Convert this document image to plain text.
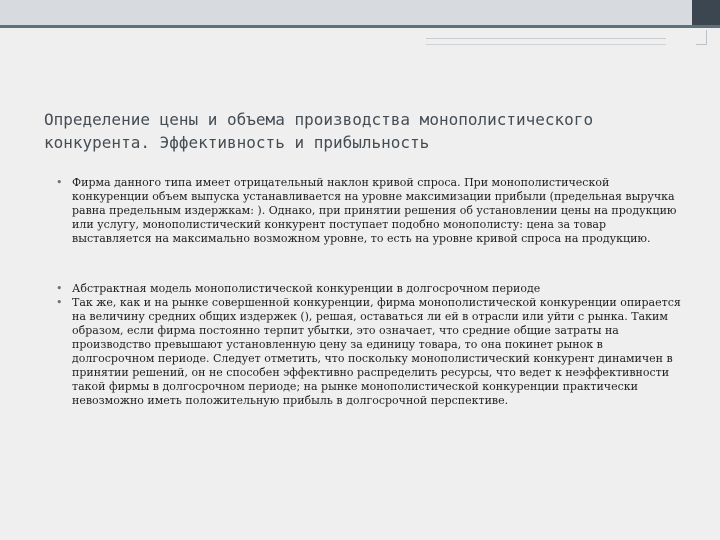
Определение цены и объема производства монополистического конкурента. Эффективность и прибыльность
• Фирма данного типа имеет отрицательный наклон кривой спроса. При монополистической конкуренции объем выпуска устанавливается на уровне максимизации прибыли (предельная выручка равна предельным издержкам: ). Однако, при принятии решения об установлении цены на продукцию или услугу, монополистический конкурент поступает подобно монополисту: цена за товар выставляется на максимально возможном уровне, то есть на уровне кривой спроса на продукцию.
• Абстрактная модель монополистической конкуренции в долгосрочном периоде
• Так же, как и на рынке совершенной конкуренции, фирма монополистической конкуренции опирается на величину средних общих издержек (), решая, оставаться ли ей в отрасли или уйти с рынка. Таким образом, если фирма постоянно терпит убытки, это означает, что средние общие затраты на производство превышают установленную цену за единицу товара, то она покинет рынок в долгосрочном периоде. Следует отметить, что поскольку монополистический конкурент динамичен в принятии решений, он не способен эффективно распределить ресурсы, что ведет к неэффективности такой фирмы в долгосрочном периоде; на рынке монополистической конкуренции практически невозможно иметь положительную прибыль в долгосрочной перспективе.
